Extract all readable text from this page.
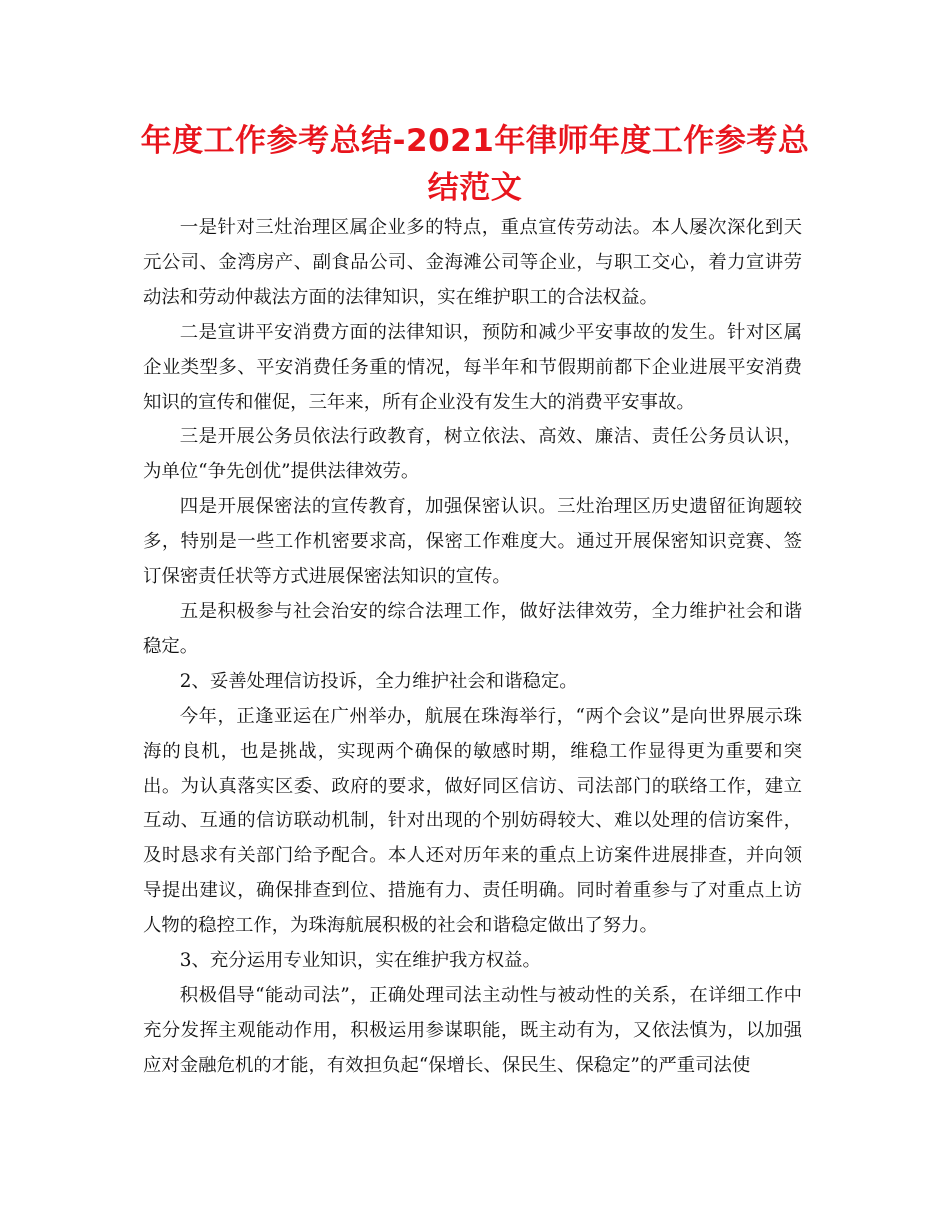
年度工作参考总结-2021年律师年度工作参考总结范文

一是针对三灶治理区属企业多的特点，重点宣传劳动法。本人屡次深化到天元公司、金湾房产、副食品公司、金海滩公司等企业，与职工交心，着力宣讲劳动法和劳动仲裁法方面的法律知识，实在维护职工的合法权益。

二是宣讲平安消费方面的法律知识，预防和减少平安事故的发生。针对区属企业类型多、平安消费任务重的情况，每半年和节假期前都下企业进展平安消费知识的宣传和催促，三年来，所有企业没有发生大的消费平安事故。

三是开展公务员依法行政教育，树立依法、高效、廉洁、责任公务员认识，为单位“争先创优”提供法律效劳。

四是开展保密法的宣传教育，加强保密认识。三灶治理区历史遗留征询题较多，特别是一些工作机密要求高，保密工作难度大。通过开展保密知识竞赛、签订保密责任状等方式进展保密法知识的宣传。

五是积极参与社会治安的综合法理工作，做好法律效劳，全力维护社会和谐稳定。

2、妥善处理信访投诉，全力维护社会和谐稳定。

今年，正逢亚运在广州举办，航展在珠海举行，“两个会议”是向世界展示珠海的良机，也是挑战，实现两个确保的敏感时期，维稳工作显得更为重要和突出。为认真落实区委、政府的要求，做好同区信访、司法部门的联络工作，建立互动、互通的信访联动机制，针对出现的个别妨碍较大、难以处理的信访案件，及时恳求有关部门给予配合。本人还对历年来的重点上访案件进展排查，并向领导提出建议，确保排查到位、措施有力、责任明确。同时着重参与了对重点上访人物的稳控工作，为珠海航展积极的社会和谐稳定做出了努力。

3、充分运用专业知识，实在维护我方权益。

积极倡导“能动司法”，正确处理司法主动性与被动性的关系，在详细工作中充分发挥主观能动作用，积极运用参谋职能，既主动有为，又依法慎为，以加强应对金融危机的才能，有效担负起“保增长、保民生、保稳定”的严重司法使
